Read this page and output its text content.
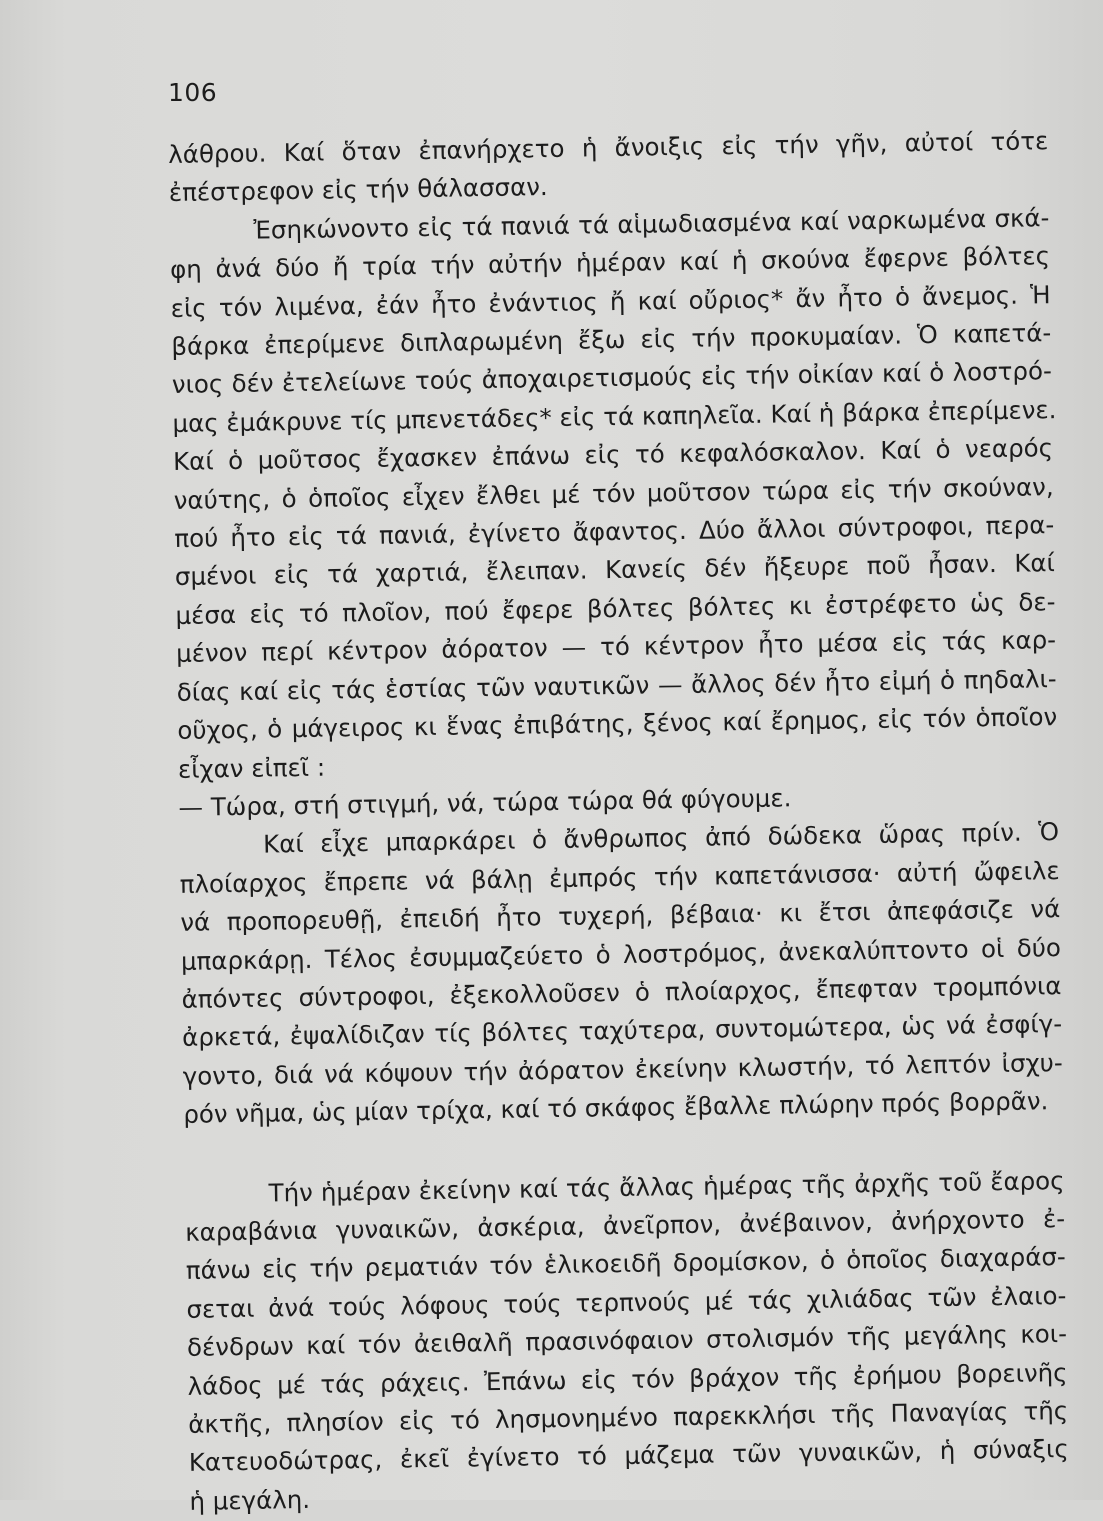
106
λάθρου. Καί ὅταν ἐπανήρχετο ἡ ἄνοιξις εἰς τήν γῆν, αὐτοί τότε
ἐπέστρεφον εἰς τήν θάλασσαν.
Ἐσηκώνοντο εἰς τά πανιά τά αἱμωδιασμένα καί ναρκωμένα σκά-
φη ἀνά δύο ἤ τρία τήν αὐτήν ἡμέραν καί ἡ σκούνα ἔφερνε βόλτες
εἰς τόν λιμένα, ἐάν ἦτο ἐνάντιος ἤ καί οὔριος* ἄν ἦτο ὁ ἄνεμος. Ἡ
βάρκα ἐπερίμενε διπλαρωμένη ἔξω εἰς τήν προκυμαίαν. Ὁ καπετά-
νιος δέν ἐτελείωνε τούς ἀποχαιρετισμούς εἰς τήν οἰκίαν καί ὁ λοστρό-
μας ἐμάκρυνε τίς μπενετάδες* εἰς τά καπηλεῖα. Καί ἡ βάρκα ἐπερίμενε.
Καί ὁ μοῦτσος ἔχασκεν ἐπάνω εἰς τό κεφαλόσκαλον. Καί ὁ νεαρός
ναύτης, ὁ ὁποῖος εἶχεν ἔλθει μέ τόν μοῦτσον τώρα εἰς τήν σκούναν,
πού ἦτο εἰς τά πανιά, ἐγίνετο ἄφαντος. Δύο ἄλλοι σύντροφοι, περα-
σμένοι εἰς τά χαρτιά, ἔλειπαν. Κανείς δέν ἤξευρε ποῦ ἦσαν. Καί
μέσα εἰς τό πλοῖον, πού ἔφερε βόλτες βόλτες κι ἐστρέφετο ὡς δε-
μένον περί κέντρον ἀόρατον — τό κέντρον ἦτο μέσα εἰς τάς καρ-
δίας καί εἰς τάς ἑστίας τῶν ναυτικῶν — ἄλλος δέν ἦτο εἰμή ὁ πηδαλι-
οῦχος, ὁ μάγειρος κι ἕνας ἐπιβάτης, ξένος καί ἔρημος, εἰς τόν ὁποῖον
εἶχαν εἰπεῖ :
— Τώρα, στή στιγμή, νά, τώρα τώρα θά φύγουμε.
Καί εἶχε μπαρκάρει ὁ ἄνθρωπος ἀπό δώδεκα ὥρας πρίν. Ὁ
πλοίαρχος ἔπρεπε νά βάλῃ ἐμπρός τήν καπετάνισσα· αὐτή ὤφειλε
νά προπορευθῇ, ἐπειδή ἦτο τυχερή, βέβαια· κι ἔτσι ἀπεφάσιζε νά
μπαρκάρῃ. Τέλος ἐσυμμαζεύετο ὁ λοστρόμος, ἀνεκαλύπτοντο οἱ δύο
ἀπόντες σύντροφοι, ἐξεκολλοῦσεν ὁ πλοίαρχος, ἔπεφταν τρομπόνια
ἀρκετά, ἐψαλίδιζαν τίς βόλτες ταχύτερα, συντομώτερα, ὡς νά ἐσφίγ-
γοντο, διά νά κόψουν τήν ἀόρατον ἐκείνην κλωστήν, τό λεπτόν ἰσχυ-
ρόν νῆμα, ὡς μίαν τρίχα, καί τό σκάφος ἔβαλλε πλώρην πρός βορρᾶν.
Τήν ἡμέραν ἐκείνην καί τάς ἄλλας ἡμέρας τῆς ἀρχῆς τοῦ ἔαρος
καραβάνια γυναικῶν, ἀσκέρια, ἀνεῖρπον, ἀνέβαινον, ἀνήρχοντο ἐ-
πάνω εἰς τήν ρεματιάν τόν ἑλικοειδῆ δρομίσκον, ὁ ὁποῖος διαχαράσ-
σεται ἀνά τούς λόφους τούς τερπνούς μέ τάς χιλιάδας τῶν ἐλαιο-
δένδρων καί τόν ἀειθαλῆ πρασινόφαιον στολισμόν τῆς μεγάλης κοι-
λάδος μέ τάς ράχεις. Ἐπάνω εἰς τόν βράχον τῆς ἐρήμου βορεινῆς
ἀκτῆς, πλησίον εἰς τό λησμονημένο παρεκκλήσι τῆς Παναγίας τῆς
Κατευοδώτρας, ἐκεῖ ἐγίνετο τό μάζεμα τῶν γυναικῶν, ἡ σύναξις
ἡ μεγάλη.
